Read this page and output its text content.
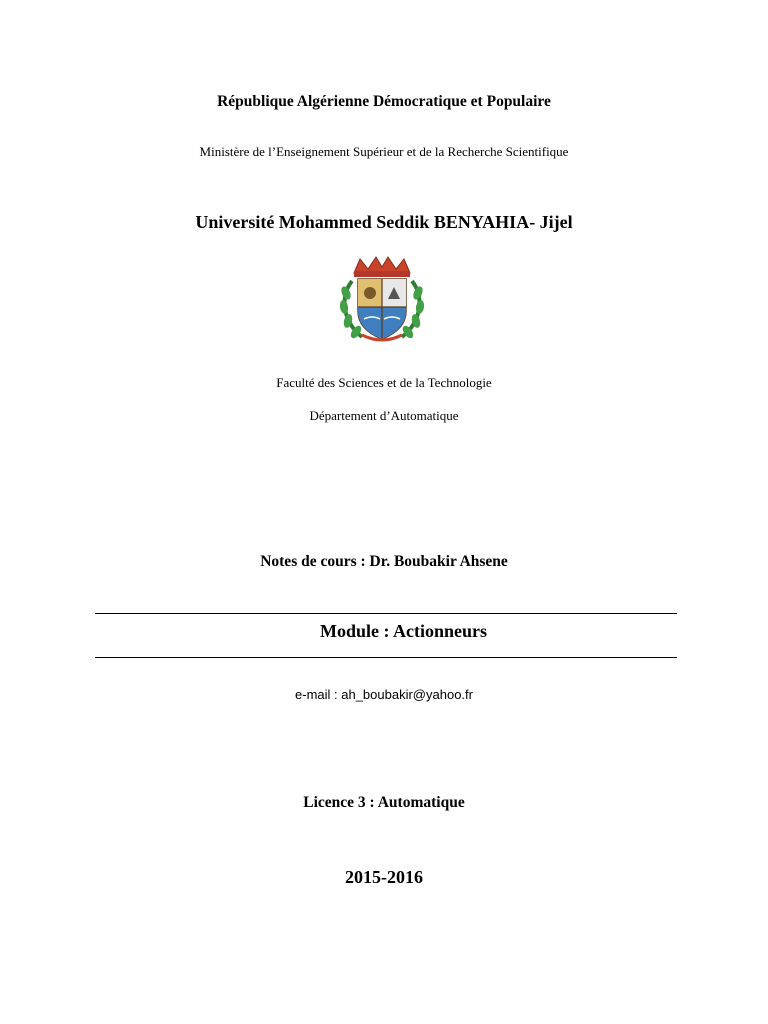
République Algérienne Démocratique et Populaire
Ministère de l’Enseignement Supérieur et de la Recherche Scientifique
Université Mohammed Seddik BENYAHIA- Jijel
Faculté des Sciences et de la Technologie
Département d’Automatique
Notes de cours : Dr. Boubakir Ahsene
Module : Actionneurs
e-mail : ah_boubakir@yahoo.fr
Licence 3 : Automatique
2015-2016
